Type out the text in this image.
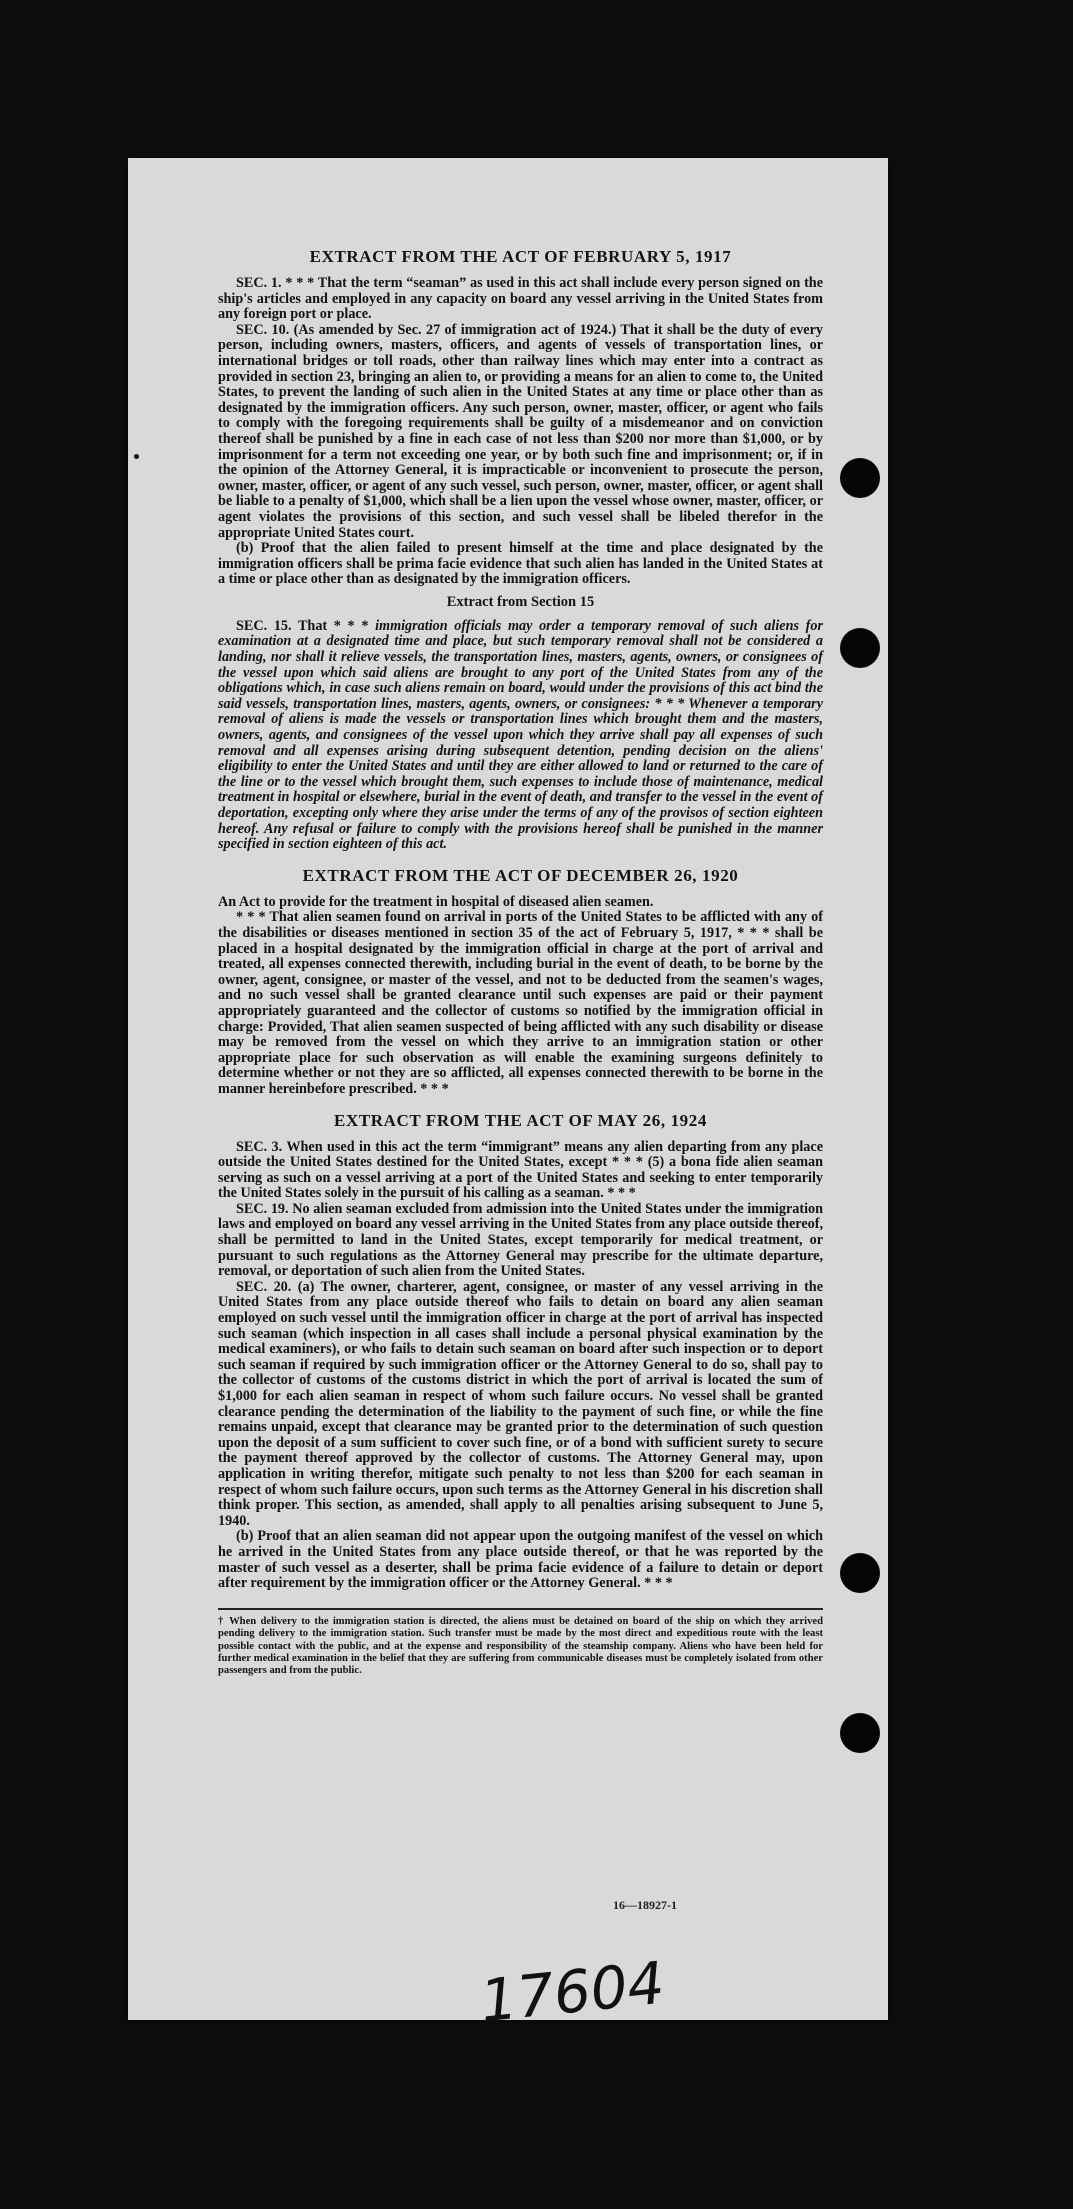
EXTRACT FROM THE ACT OF FEBRUARY 5, 1917

SEC. 1. * * * That the term “seaman” as used in this act shall include every person signed on the ship's articles and employed in any capacity on board any vessel arriving in the United States from any foreign port or place.

SEC. 10. (As amended by Sec. 27 of immigration act of 1924.) That it shall be the duty of every person, including owners, masters, officers, and agents of vessels of transportation lines, or international bridges or toll roads, other than railway lines which may enter into a contract as provided in section 23, bringing an alien to, or providing a means for an alien to come to, the United States, to prevent the landing of such alien in the United States at any time or place other than as designated by the immigration officers. Any such person, owner, master, officer, or agent who fails to comply with the foregoing requirements shall be guilty of a misdemeanor and on conviction thereof shall be punished by a fine in each case of not less than $200 nor more than $1,000, or by imprisonment for a term not exceeding one year, or by both such fine and imprisonment; or, if in the opinion of the Attorney General, it is impracticable or inconvenient to prosecute the person, owner, master, officer, or agent of any such vessel, such person, owner, master, officer, or agent shall be liable to a penalty of $1,000, which shall be a lien upon the vessel whose owner, master, officer, or agent violates the provisions of this section, and such vessel shall be libeled therefor in the appropriate United States court.

(b) Proof that the alien failed to present himself at the time and place designated by the immigration officers shall be prima facie evidence that such alien has landed in the United States at a time or place other than as designated by the immigration officers.

Extract from Section 15

SEC. 15. That * * * immigration officials may order a temporary removal of such aliens for examination at a designated time and place, but such temporary removal shall not be considered a landing, nor shall it relieve vessels, the transportation lines, masters, agents, owners, or consignees of the vessel upon which said aliens are brought to any port of the United States from any of the obligations which, in case such aliens remain on board, would under the provisions of this act bind the said vessels, transportation lines, masters, agents, owners, or consignees: * * * Whenever a temporary removal of aliens is made the vessels or transportation lines which brought them and the masters, owners, agents, and consignees of the vessel upon which they arrive shall pay all expenses of such removal and all expenses arising during subsequent detention, pending decision on the aliens' eligibility to enter the United States and until they are either allowed to land or returned to the care of the line or to the vessel which brought them, such expenses to include those of maintenance, medical treatment in hospital or elsewhere, burial in the event of death, and transfer to the vessel in the event of deportation, excepting only where they arise under the terms of any of the provisos of section eighteen hereof. Any refusal or failure to comply with the provisions hereof shall be punished in the manner specified in section eighteen of this act.

EXTRACT FROM THE ACT OF DECEMBER 26, 1920

An Act to provide for the treatment in hospital of diseased alien seamen.

* * * That alien seamen found on arrival in ports of the United States to be afflicted with any of the disabilities or diseases mentioned in section 35 of the act of February 5, 1917, * * * shall be placed in a hospital designated by the immigration official in charge at the port of arrival and treated, all expenses connected therewith, including burial in the event of death, to be borne by the owner, agent, consignee, or master of the vessel, and not to be deducted from the seamen's wages, and no such vessel shall be granted clearance until such expenses are paid or their payment appropriately guaranteed and the collector of customs so notified by the immigration official in charge: Provided, That alien seamen suspected of being afflicted with any such disability or disease may be removed from the vessel on which they arrive to an immigration station or other appropriate place for such observation as will enable the examining surgeons definitely to determine whether or not they are so afflicted, all expenses connected therewith to be borne in the manner hereinbefore prescribed. * * *

EXTRACT FROM THE ACT OF MAY 26, 1924

SEC. 3. When used in this act the term “immigrant” means any alien departing from any place outside the United States destined for the United States, except * * * (5) a bona fide alien seaman serving as such on a vessel arriving at a port of the United States and seeking to enter temporarily the United States solely in the pursuit of his calling as a seaman. * * *

SEC. 19. No alien seaman excluded from admission into the United States under the immigration laws and employed on board any vessel arriving in the United States from any place outside thereof, shall be permitted to land in the United States, except temporarily for medical treatment, or pursuant to such regulations as the Attorney General may prescribe for the ultimate departure, removal, or deportation of such alien from the United States.

SEC. 20. (a) The owner, charterer, agent, consignee, or master of any vessel arriving in the United States from any place outside thereof who fails to detain on board any alien seaman employed on such vessel until the immigration officer in charge at the port of arrival has inspected such seaman (which inspection in all cases shall include a personal physical examination by the medical examiners), or who fails to detain such seaman on board after such inspection or to deport such seaman if required by such immigration officer or the Attorney General to do so, shall pay to the collector of customs of the customs district in which the port of arrival is located the sum of $1,000 for each alien seaman in respect of whom such failure occurs. No vessel shall be granted clearance pending the determination of the liability to the payment of such fine, or while the fine remains unpaid, except that clearance may be granted prior to the determination of such question upon the deposit of a sum sufficient to cover such fine, or of a bond with sufficient surety to secure the payment thereof approved by the collector of customs. The Attorney General may, upon application in writing therefor, mitigate such penalty to not less than $200 for each seaman in respect of whom such failure occurs, upon such terms as the Attorney General in his discretion shall think proper. This section, as amended, shall apply to all penalties arising subsequent to June 5, 1940.

(b) Proof that an alien seaman did not appear upon the outgoing manifest of the vessel on which he arrived in the United States from any place outside thereof, or that he was reported by the master of such vessel as a deserter, shall be prima facie evidence of a failure to detain or deport after requirement by the immigration officer or the Attorney General. * * *

† When delivery to the immigration station is directed, the aliens must be detained on board of the ship on which they arrived pending delivery to the immigration station. Such transfer must be made by the most direct and expeditious route with the least possible contact with the public, and at the expense and responsibility of the steamship company. Aliens who have been held for further medical examination in the belief that they are suffering from communicable diseases must be completely isolated from other passengers and from the public.

16—18927-1
17604
